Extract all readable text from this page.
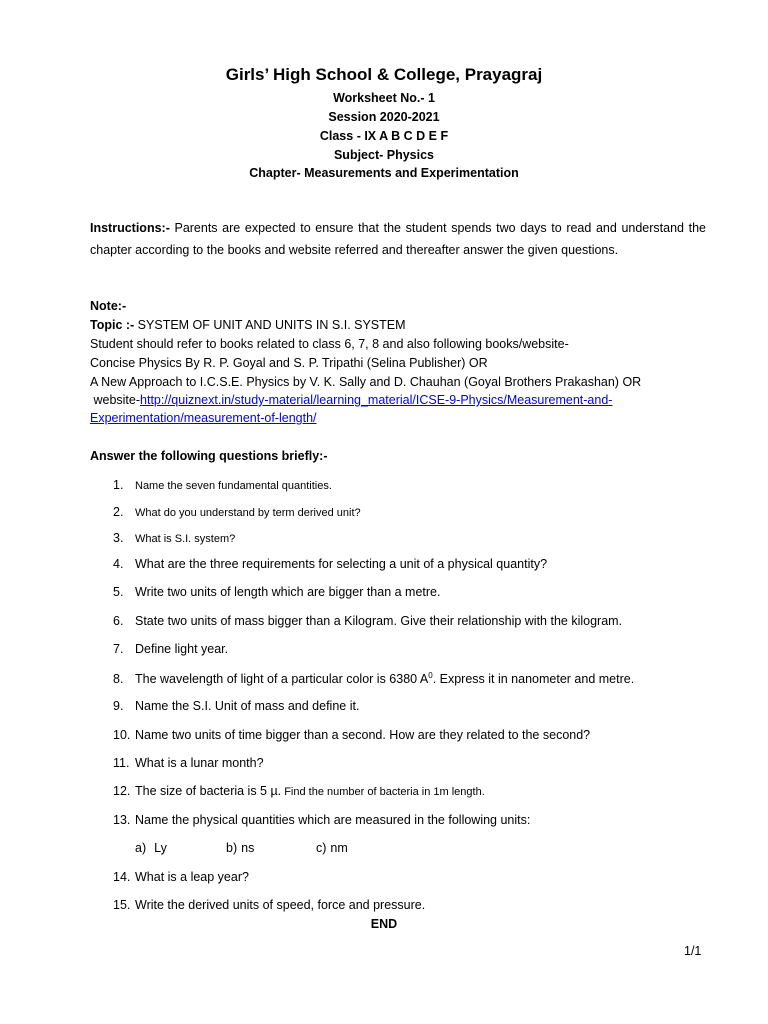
Girls’ High School & College, Prayagraj
Worksheet No.- 1
Session 2020-2021
Class - IX A B C D E F
Subject- Physics
Chapter- Measurements and Experimentation
Instructions:- Parents are expected to ensure that the student spends two days to read and understand the chapter according to the books and website referred and thereafter answer the given questions.
Note:-
Topic :- SYSTEM OF UNIT AND UNITS IN S.I. SYSTEM
Student should refer to books related to class 6, 7, 8 and also following books/website-
Concise Physics By R. P. Goyal and S. P. Tripathi (Selina Publisher) OR
A New Approach to I.C.S.E. Physics by V. K. Sally and D. Chauhan (Goyal Brothers Prakashan) OR
website-http://quiznext.in/study-material/learning_material/ICSE-9-Physics/Measurement-and-
Experimentation/measurement-of-length/
Answer the following questions briefly:-
1. Name the seven fundamental quantities.
2. What do you understand by term derived unit?
3. What is S.I. system?
4. What are the three requirements for selecting a unit of a physical quantity?
5. Write two units of length which are bigger than a metre.
6. State two units of mass bigger than a Kilogram. Give their relationship with the kilogram.
7. Define light year.
8. The wavelength of light of a particular color is 6380 $A^0$. Express it in nanometer and metre.
9. Name the S.I. Unit of mass and define it.
10. Name two units of time bigger than a second. How are they related to the second?
11. What is a lunar month?
12. The size of bacteria is 5 µ. Find the number of bacteria in 1m length.
13. Name the physical quantities which are measured in the following units:
a) Ly	b) ns	c) nm
14. What is a leap year?
15. Write the derived units of speed, force and pressure.
END
1/1
